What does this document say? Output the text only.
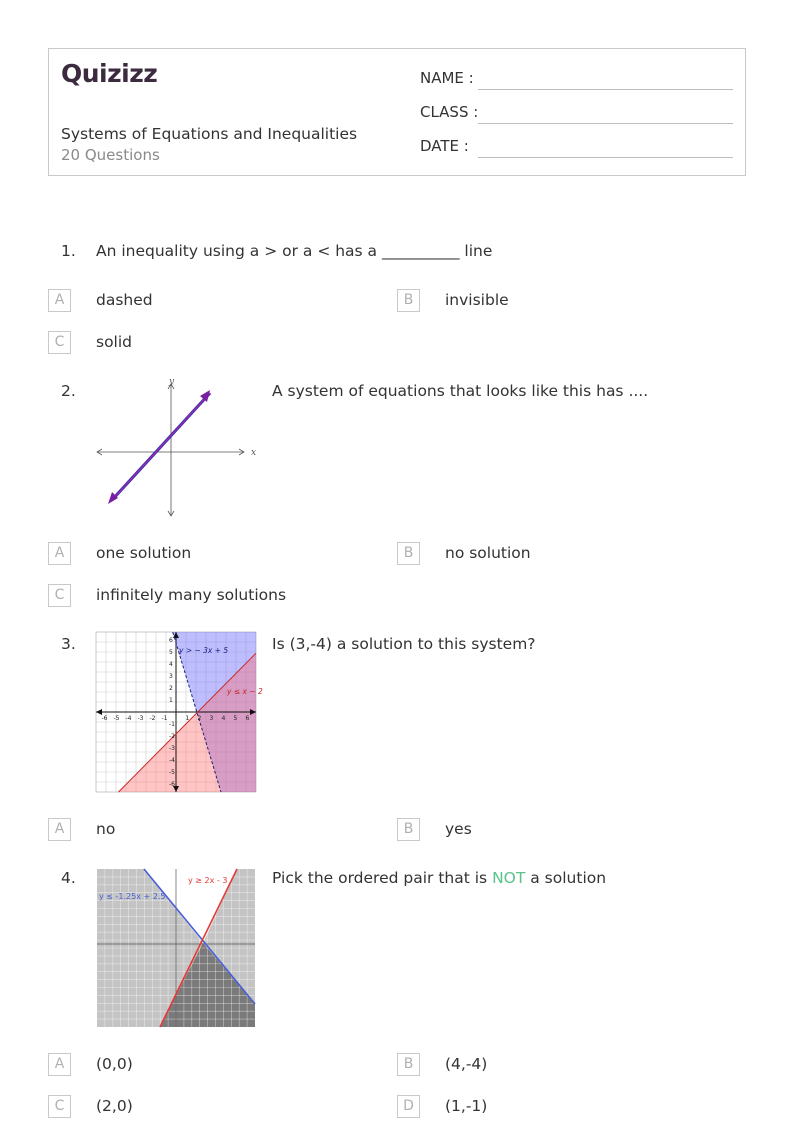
Quizizz
Systems of Equations and Inequalities
20 Questions
NAME :
CLASS :
DATE :
1. An inequality using a > or a < has a __________ line
A	dashed	B	invisible
C	solid
2.
x
y	A system of equations that looks like this has ....
A	one solution	B	no solution
C	infinitely many solutions
3.
-6 -5 -4 -3 -2 -1	1 2 3 4 5 6
6
5
4
3
2
1
-1
-2
-3
-4
-5
-6
y > − 3x + 5
y ≤ x − 2
Is (3,-4) a solution to this system?
A	no	B	yes
4.	y ≥ 2x - 3
y ≤ -1.25x + 2.5
Pick the ordered pair that is NOT a solution
A	(0,0)	B	(4,-4)
C	(2,0)	D	(1,-1)
